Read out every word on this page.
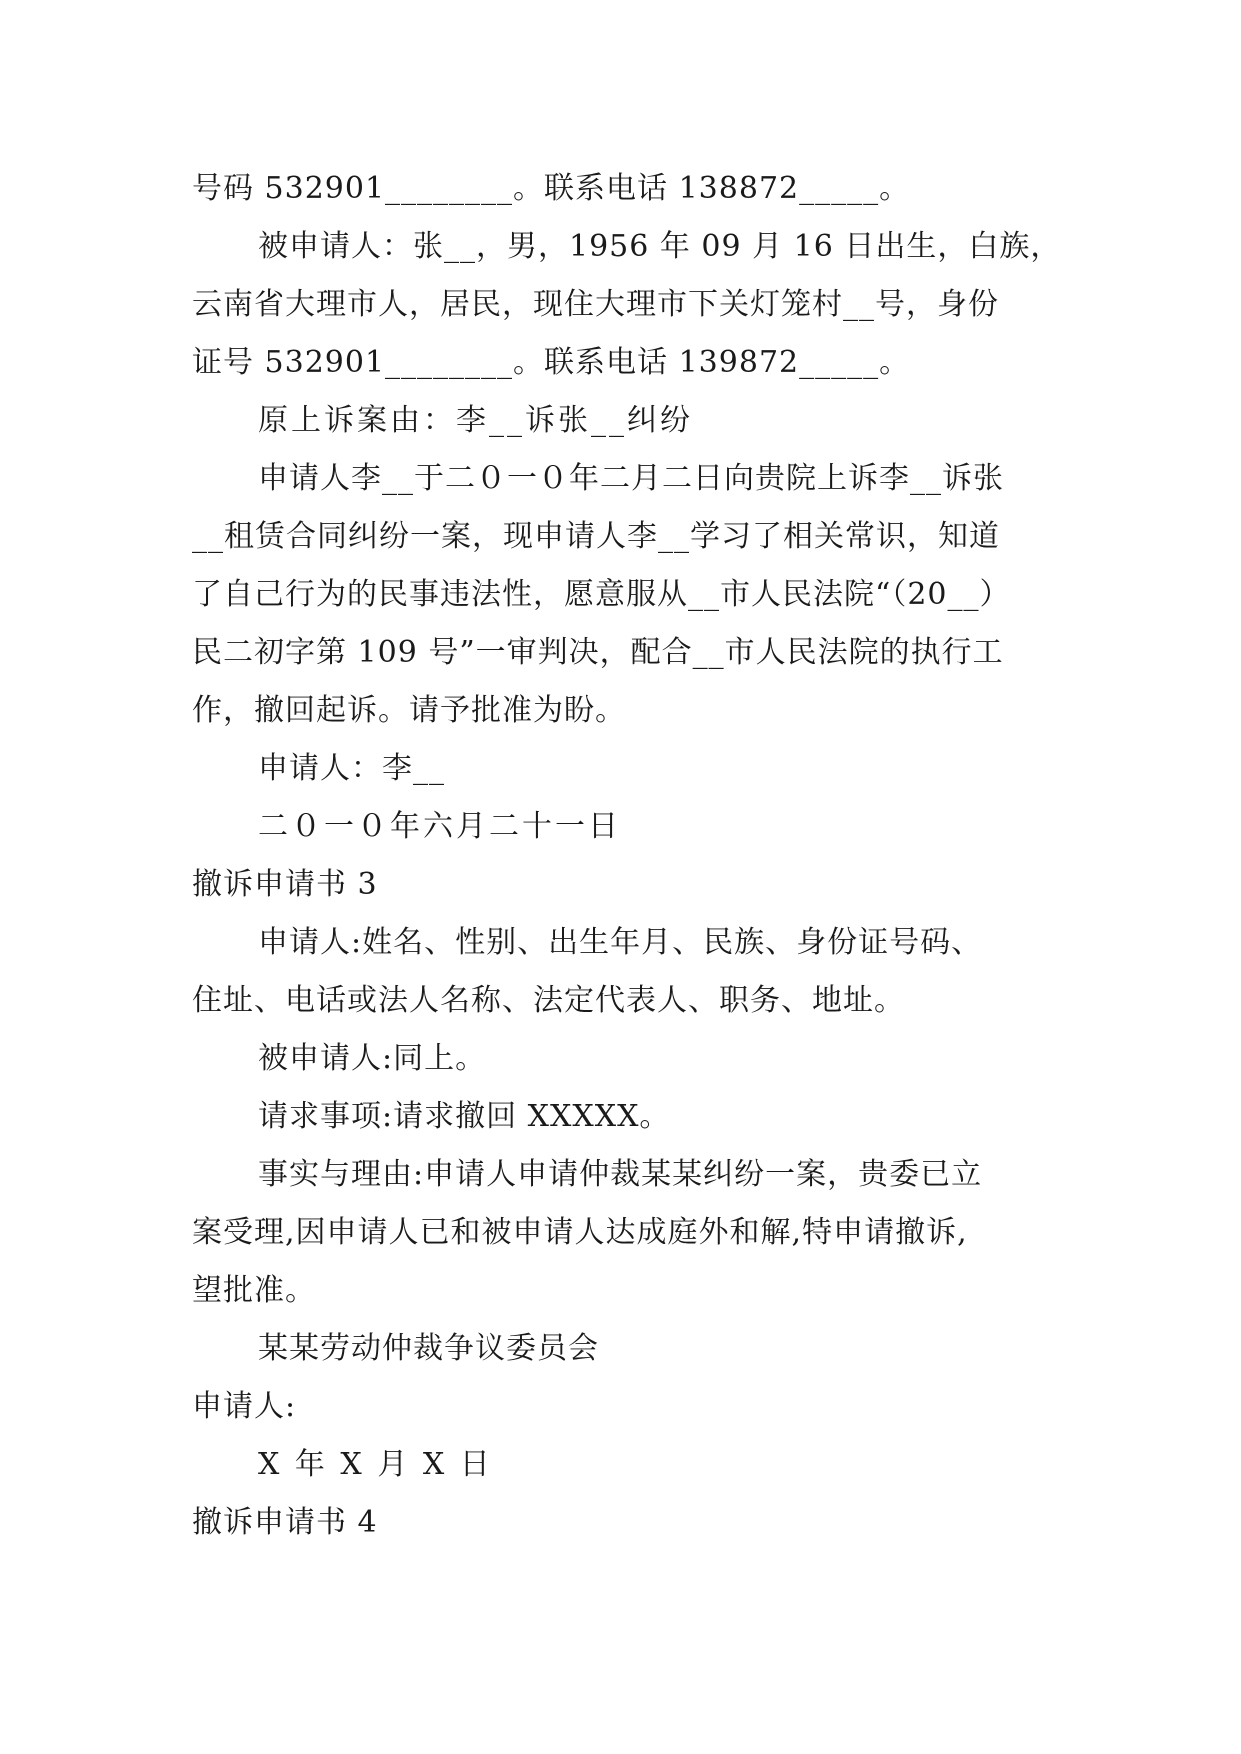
号码 532901________。联系电话 138872_____。
被申请人：张__，男，1956 年 09 月 16 日出生，白族，
云南省大理市人，居民，现住大理市下关灯笼村__号，身份
证号 532901________。联系电话 139872_____。
原上诉案由：李__诉张__纠纷
申请人李__于二０一０年二月二日向贵院上诉李__诉张
__租赁合同纠纷一案，现申请人李__学习了相关常识，知道
了自己行为的民事违法性，愿意服从__市人民法院“（20__）
民二初字第 109 号”一审判决，配合__市人民法院的执行工
作，撤回起诉。请予批准为盼。
申请人：李__
二０一０年六月二十一日
撤诉申请书 3
申请人:姓名、性别、出生年月、民族、身份证号码、
住址、电话或法人名称、法定代表人、职务、地址。
被申请人:同上。
请求事项:请求撤回 XXXXX。
事实与理由:申请人申请仲裁某某纠纷一案，贵委已立
案受理,因申请人已和被申请人达成庭外和解,特申请撤诉,
望批准。
某某劳动仲裁争议委员会
申请人:
X 年 X 月 X 日
撤诉申请书 4
